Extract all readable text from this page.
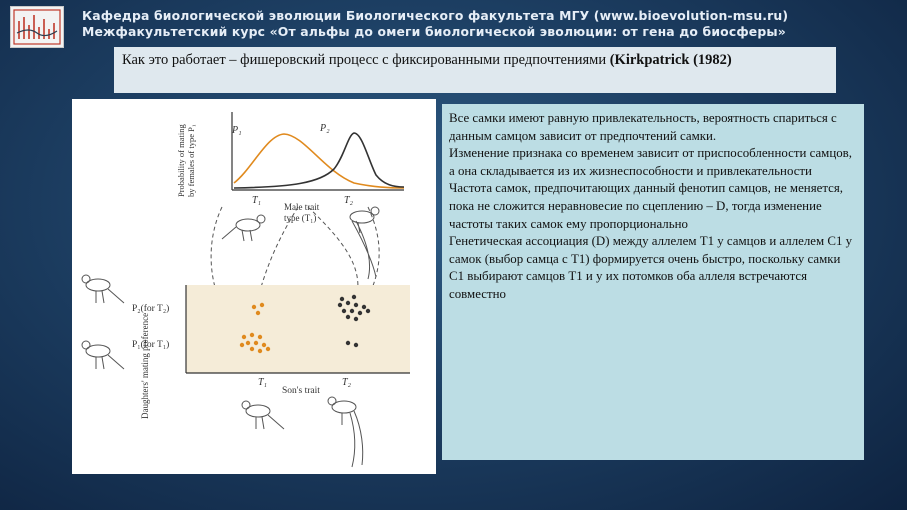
Кафедра биологической эволюции Биологического факультета МГУ (www.bioevolution-msu.ru)
Межфакультетский курс «От альфы до омеги биологической эволюции: от гена до биосферы»
Как это работает – фишеровский процесс с фиксированными предпочтениями (Kirkpatrick (1982)
P₁	P₂
T₁	T₂
Male trait
type (T₁)
Probability of mating by females of type P₁
P₂(for T₂)
P₁(for T₁)
Daughters' mating preference	T₁	T₂
Son's trait

Все самки имеют равную привлекательность, вероятность спариться с данным самцом зависит от предпочтений самки.

Изменение признака со временем зависит от приспособленности самцов, а она складывается из их жизнеспособности и привлекательности

Частота самок, предпочитающих данный фенотип самцов, не меняется, пока не сложится неравновесие по сцеплению – D, тогда изменение частоты таких самок ему пропорционально

Генетическая ассоциация (D) между аллелем T1 у самцов и аллелем C1 у самок (выбор самца с T1) формируется очень быстро, поскольку самки C1 выбирают самцов T1 и у их потомков оба аллеля встречаются совместно
